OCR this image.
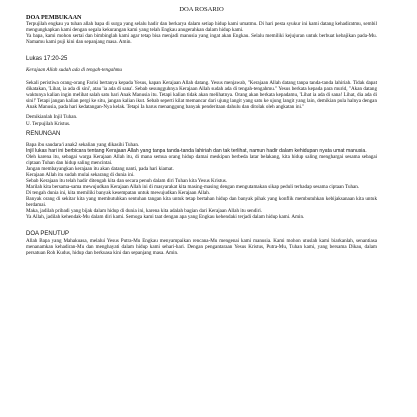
DOA ROSARIO
DOA PEMBUKAAN

Terpujilah engkau ya tuhan allah bapa di surga yang selalu hadir dan berkarya dalam setiap hidup kami umatmu. Di hari pesta syukur ini kami datang kehadiratmu, sembil mengungkapkan kami dengan segala kekurangan kami yang telah Engkau anugerahkan dalam hidup kami.

Ya bapa, kami mohon sertai dan bimbinglah kami agar tetap bisa menjadi manusia yang ingat akan Engkau. Selalu memiliki kejujuran untuk berbuat kebajikan pada-Mu. Namamu kami puji kini dan sepanjang masa. Amin.

Lukas 17:20-25

Kerajaan Allah sudah ada di tengah-tengahmu

Sekali peristiwa orang-orang Farisi bertanya kepada Yesus, kapan Kerajaan Allah datang. Yesus menjawab, "Kerajaan Allah datang tanpa tanda-tanda lahiriah. Tidak dapat dikatakan, 'Lihat, ia ada di sini', atau 'ia ada di sana'. Sebab sesungguhnya Kerajaan Allah sudah ada di tengah-tengahmu." Yesus berkata kepada para murid, "Akan datang waktunya kalian ingin melihat salah satu hari Anak Manusia itu. Tetapi kalian tidak akan melihatnya. Orang akan berkata kepadamu, 'Lihat ia ada di sana! Lihat, dia ada di sini!' Tetapi jangan kalian pergi ke situ, jangan kalian ikut. Sebab seperti kilat memancar dari ujung langit yang satu ke ujung langit yang lain, demikian pula halnya dengan Anak Manusia, pada hari kedatangan-Nya kelak. Tetapi Ia harus menanggung banyak penderitaan dahulu dan ditolak oleh angkatan ini."

Demikianlah Injil Tuhan.

U. Terpujilah Kristus.

RENUNGAN

Bapa ibu saudara/i anak2 sekalian yang dikasihi Tuhan.

Injil lukas hari ini berbicara tentang Kerajaan Allah yang tanpa tanda-tanda lahiriah dan tak terlihat, namun hadir dalam kehidupan nyata umat manusia.

Oleh karena itu, sebagai warga Kerajaan Allah itu, di mana semua orang hidup damai meskipun berbeda latar belakang, kita hidup saling menghargai sesama sebagai ciptaan Tuhan dan hidup saling mencintai.

Jangan membayangkan kerajaan itu akan datang nanti, pada hari kiamat.

Kerajaan Allah itu sudah mulai sekarang di dunia ini.

Sebab Kerajaan itu telah hadir ditengah kita dan secara penuh dalam diri Tuhan kita Yesus Kristus.

Marilah kita bersama-sama mewujudkan Kerajaan Allah ini di masyarakat kita masing-masing dengan mengutamakan sikap peduli terhadap sesama ciptaan Tuhan.

Di tengah dunia ini, kita memiliki banyak kesempatan untuk mewujudkan Kerajaan Allah.

Banyak orang di sekitar kita yang membutuhkan sentuhan tangan kita untuk tetap bertahan hidup dan banyak pihak yang konflik membutuhkan kebijaksanaan kita untuk berdamai.

Maka, jadilah pribadi yang bijak dalam hidup di dunia ini, karena kita adalah bagian dari Kerajaan Allah itu sendiri.

Ya Allah, jadilah kehendak-Mu dalam diri kami. Semoga kami taat dengan apa yang Engkau kehendaki terjadi dalam hidup kami. Amin.

DOA PENUTUP

Allah Bapa yang Mahakuasa, melalui Yesus Putra-Mu Engkau menyampaikan rencana-Mu mengenai kami manusia. Kami mohon utuslah kami biarkanlah, senantiasa menanamkan kehadiran-Mu dan menghayati dalam hidup kami sehari-hari. Dengan pengantaraan Yesus Kristus, Putra-Mu, Tuhan kami, yang bersama Dikau, dalam persatuan Roh Kudus, hidup dan berkuasa kini dan sepanjang masa. Amin.
